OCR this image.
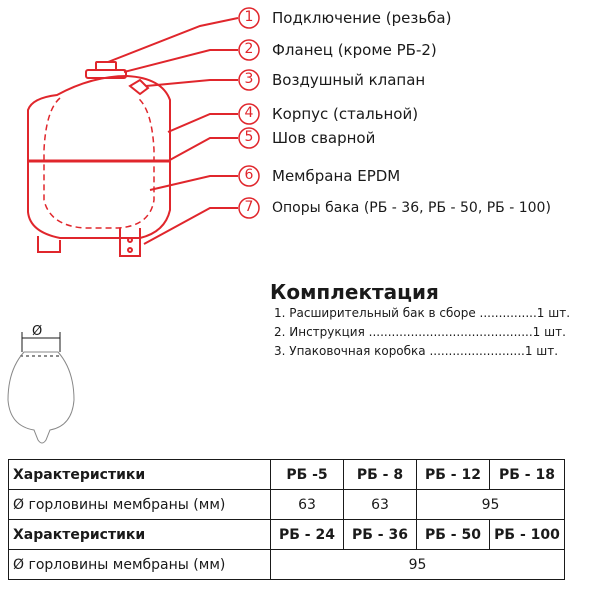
1 Подключение (резьба)
2 Фланец (кроме РБ-2)
3 Воздушный клапан
4 Корпус (стальной)
5 Шов сварной
6 Мембрана EPDM
7 Опоры бака (РБ - 36, РБ - 50, РБ - 100)
Комплектация
1. Расширительный бак в сборе ...............1 шт.
2. Инструкция ...........................................1 шт.
3. Упаковочная коробка .........................1 шт.
Ø
Характеристики	РБ -5	РБ - 8	РБ - 12	РБ - 18
Ø горловины мембраны (мм)	63	63	95	
Характеристики	РБ - 24	РБ - 36	РБ - 50	РБ - 100
Ø горловины мембраны (мм)	95			
